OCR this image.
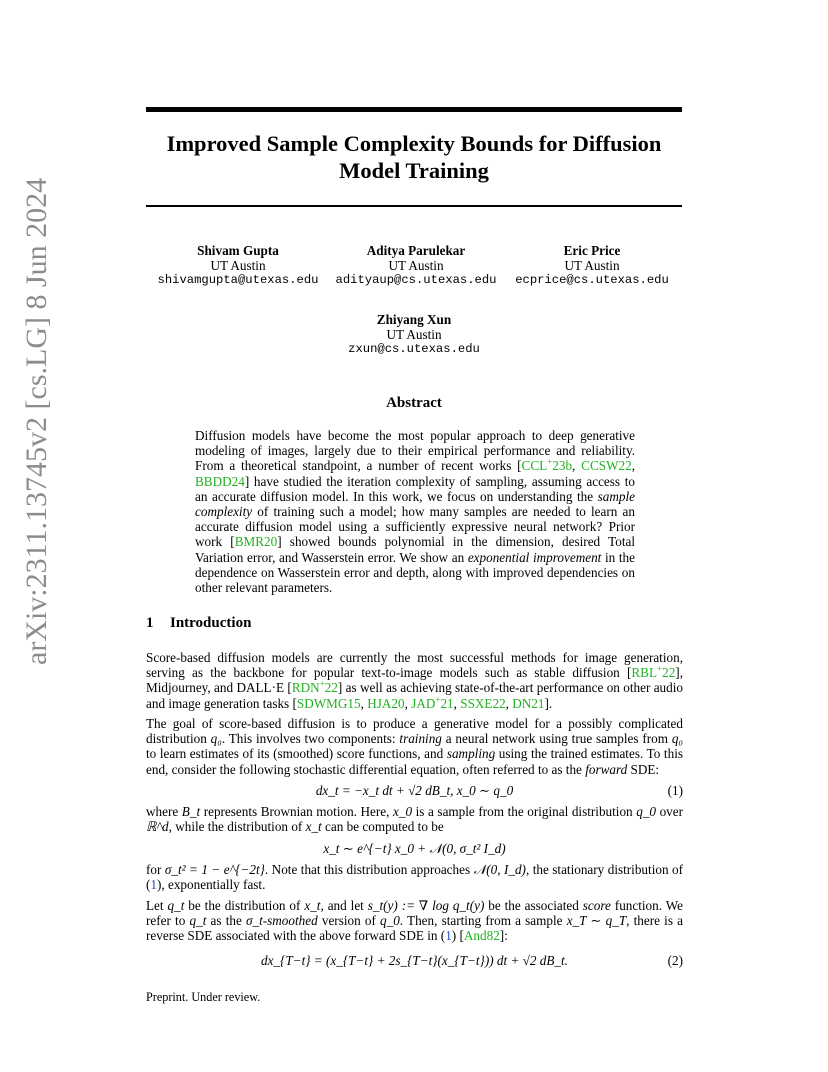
arXiv:2311.13745v2 [cs.LG] 8 Jun 2024
Improved Sample Complexity Bounds for Diffusion
Model Training
Shivam Gupta
UT Austin
shivamgupta@utexas.edu
Aditya Parulekar
UT Austin
adityaup@cs.utexas.edu
Eric Price
UT Austin
ecprice@cs.utexas.edu
Zhiyang Xun
UT Austin
zxun@cs.utexas.edu
Abstract
Diffusion models have become the most popular approach to deep generative modeling of images, largely due to their empirical performance and reliability. From a theoretical standpoint, a number of recent works [CCL+23b, CCSW22, BBDD24] have studied the iteration complexity of sampling, assuming access to an accurate diffusion model. In this work, we focus on understanding the sample complexity of training such a model; how many samples are needed to learn an accurate diffusion model using a sufficiently expressive neural network? Prior work [BMR20] showed bounds polynomial in the dimension, desired Total Variation error, and Wasserstein error. We show an exponential improvement in the dependence on Wasserstein error and depth, along with improved dependencies on other relevant parameters.
1 Introduction
Score-based diffusion models are currently the most successful methods for image generation, serving as the backbone for popular text-to-image models such as stable diffusion [RBL+22], Midjourney, and DALL·E [RDN+22] as well as achieving state-of-the-art performance on other audio and image generation tasks [SDWMG15, HJA20, JAD+21, SSXE22, DN21].
The goal of score-based diffusion is to produce a generative model for a possibly complicated distribution q₀. This involves two components: training a neural network using true samples from q₀ to learn estimates of its (smoothed) score functions, and sampling using the trained estimates. To this end, consider the following stochastic differential equation, often referred to as the forward SDE:
dx_t = −x_t dt + √2 dB_t, x_0 ∼ q_0	(1)
where B_t represents Brownian motion. Here, x_0 is a sample from the original distribution q_0 over ℝ^d, while the distribution of x_t can be computed to be
x_t ∼ e^{−t} x_0 + 𝒩(0, σ_t² I_d)
for σ_t² = 1 − e^{−2t}. Note that this distribution approaches 𝒩(0, I_d), the stationary distribution of (1), exponentially fast.
Let q_t be the distribution of x_t, and let s_t(y) := ∇ log q_t(y) be the associated score function. We refer to q_t as the σ_t-smoothed version of q_0. Then, starting from a sample x_T ∼ q_T, there is a reverse SDE associated with the above forward SDE in (1) [And82]:
dx_{T−t} = (x_{T−t} + 2s_{T−t}(x_{T−t})) dt + √2 dB_t.	(2)
Preprint. Under review.
